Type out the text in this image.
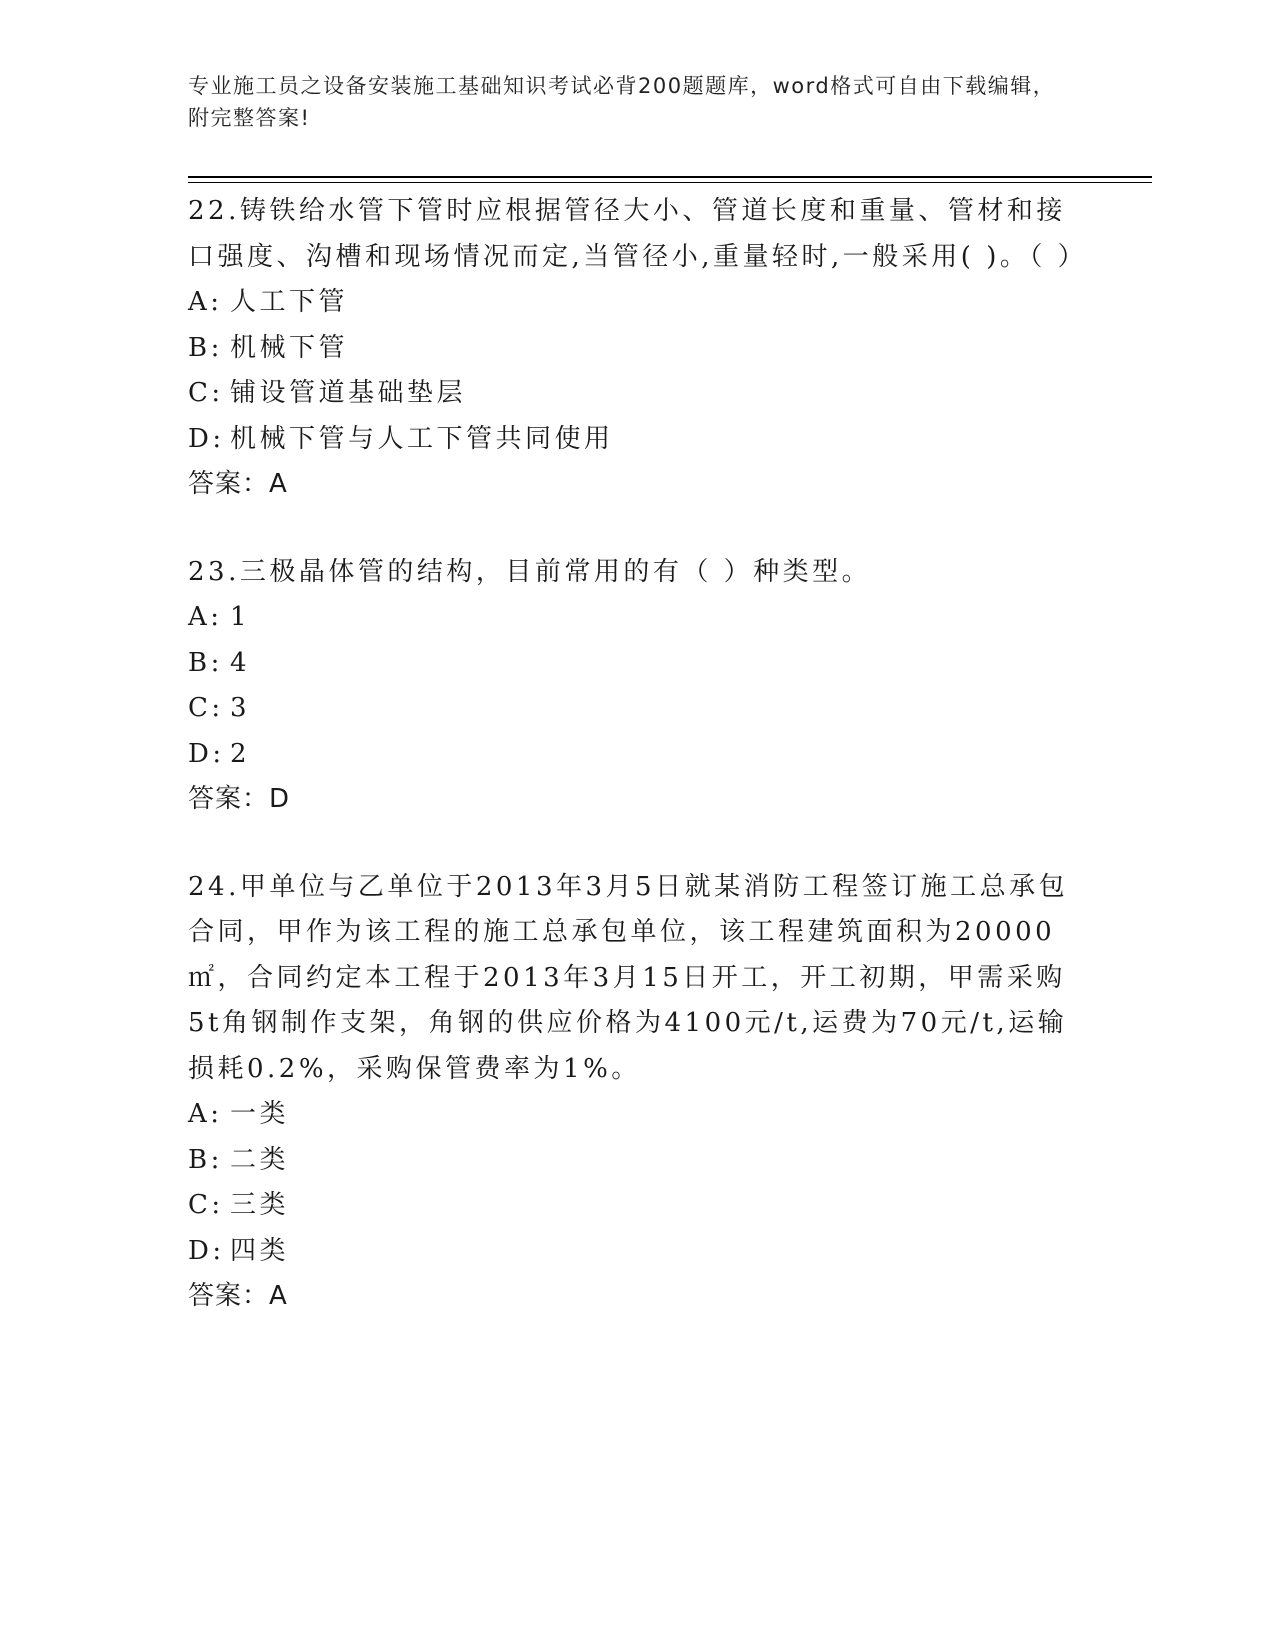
专业施工员之设备安装施工基础知识考试必背200题题库，word格式可自由下载编辑，附完整答案!
22.铸铁给水管下管时应根据管径大小、管道长度和重量、管材和接口强度、沟槽和现场情况而定,当管径小,重量轻时,一般采用( )。（ ）
A: 人工下管
B: 机械下管
C: 铺设管道基础垫层
D: 机械下管与人工下管共同使用
答案：A
23.三极晶体管的结构，目前常用的有（ ）种类型。
A: 1
B: 4
C: 3
D: 2
答案：D
24.甲单位与乙单位于2013年3月5日就某消防工程签订施工总承包合同，甲作为该工程的施工总承包单位，该工程建筑面积为20000㎡，合同约定本工程于2013年3月15日开工，开工初期，甲需采购5t角钢制作支架，角钢的供应价格为4100元/t,运费为70元/t,运输损耗0.2%，采购保管费率为1%。
A: 一类
B: 二类
C: 三类
D: 四类
答案：A
